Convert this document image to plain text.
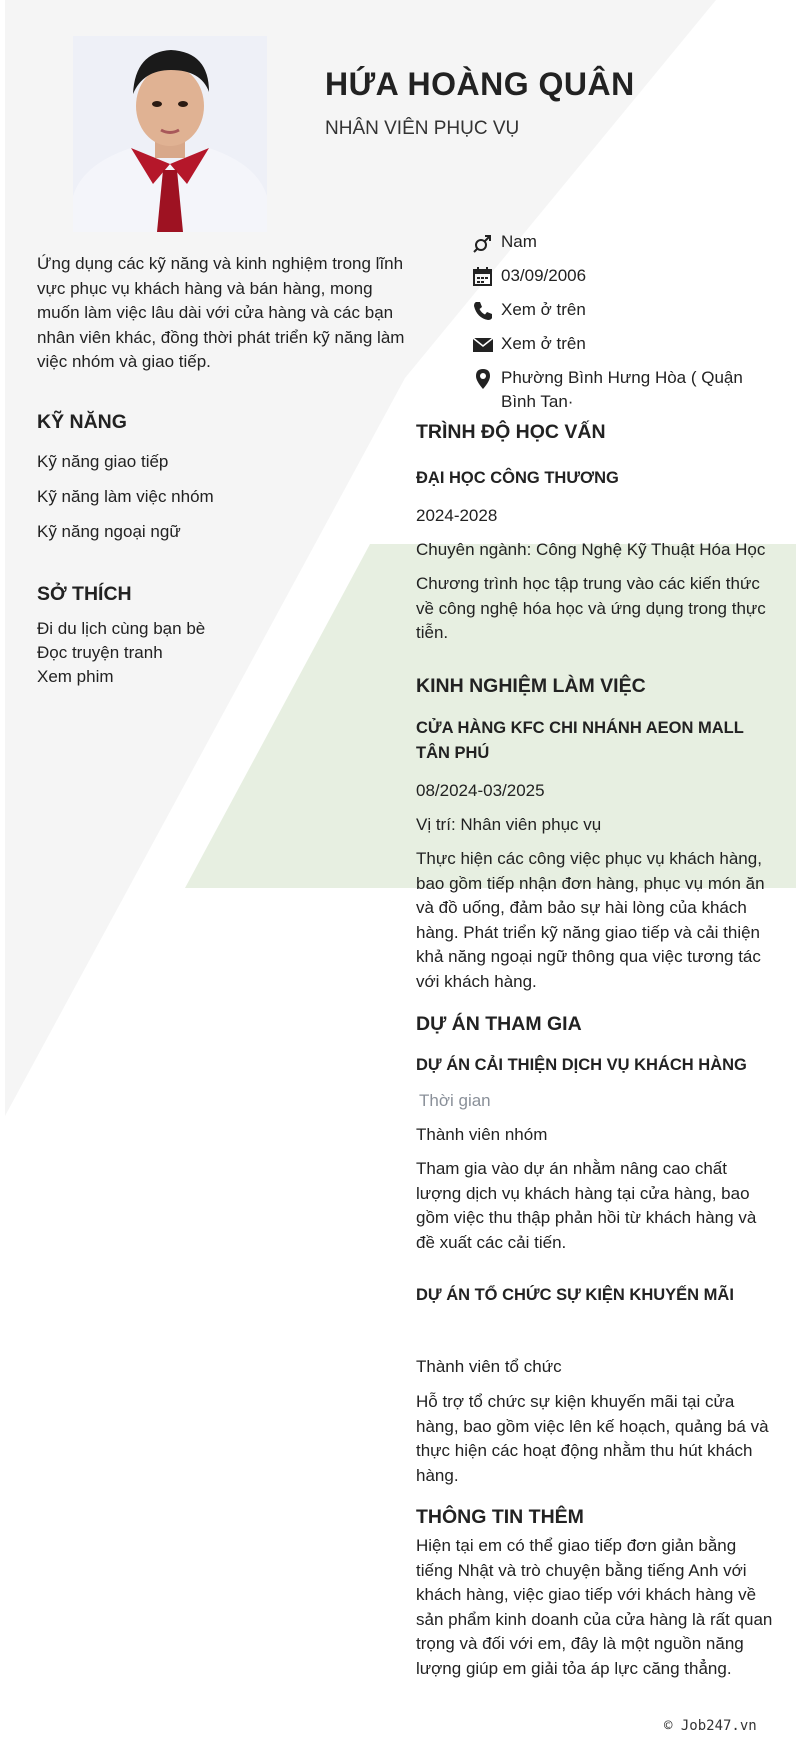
HỨA HOÀNG QUÂN
NHÂN VIÊN PHỤC VỤ
Nam
03/09/2006
Xem ở trên
Xem ở trên
Phường Bình Hưng Hòa ( Quận Bình Tan·
Ứng dụng các kỹ năng và kinh nghiệm trong lĩnh vực phục vụ khách hàng và bán hàng, mong muốn làm việc lâu dài với cửa hàng và các bạn nhân viên khác, đồng thời phát triển kỹ năng làm việc nhóm và giao tiếp.
KỸ NĂNG
Kỹ năng giao tiếp
Kỹ năng làm việc nhóm
Kỹ năng ngoại ngữ
SỞ THÍCH
Đi du lịch cùng bạn bè
Đọc truyện tranh
Xem phim
TRÌNH ĐỘ HỌC VẤN
ĐẠI HỌC CÔNG THƯƠNG
2024-2028
Chuyên ngành: Công Nghệ Kỹ Thuật Hóa Học
Chương trình học tập trung vào các kiến thức về công nghệ hóa học và ứng dụng trong thực tiễn.
KINH NGHIỆM LÀM VIỆC
CỬA HÀNG KFC CHI NHÁNH AEON MALL TÂN PHÚ
08/2024-03/2025
Vị trí: Nhân viên phục vụ
Thực hiện các công việc phục vụ khách hàng, bao gồm tiếp nhận đơn hàng, phục vụ món ăn và đồ uống, đảm bảo sự hài lòng của khách hàng. Phát triển kỹ năng giao tiếp và cải thiện khả năng ngoại ngữ thông qua việc tương tác với khách hàng.
DỰ ÁN THAM GIA
DỰ ÁN CẢI THIỆN DỊCH VỤ KHÁCH HÀNG
Thời gian
Thành viên nhóm
Tham gia vào dự án nhằm nâng cao chất lượng dịch vụ khách hàng tại cửa hàng, bao gồm việc thu thập phản hồi từ khách hàng và đề xuất các cải tiến.
DỰ ÁN TỔ CHỨC SỰ KIỆN KHUYẾN MÃI
Thành viên tổ chức
Hỗ trợ tổ chức sự kiện khuyến mãi tại cửa hàng, bao gồm việc lên kế hoạch, quảng bá và thực hiện các hoạt động nhằm thu hút khách hàng.
THÔNG TIN THÊM
Hiện tại em có thể giao tiếp đơn giản bằng tiếng Nhật và trò chuyện bằng tiếng Anh với khách hàng, việc giao tiếp với khách hàng về sản phẩm kinh doanh của cửa hàng là rất quan trọng và đối với em, đây là một nguồn năng lượng giúp em giải tỏa áp lực căng thẳng.
© Job247.vn
